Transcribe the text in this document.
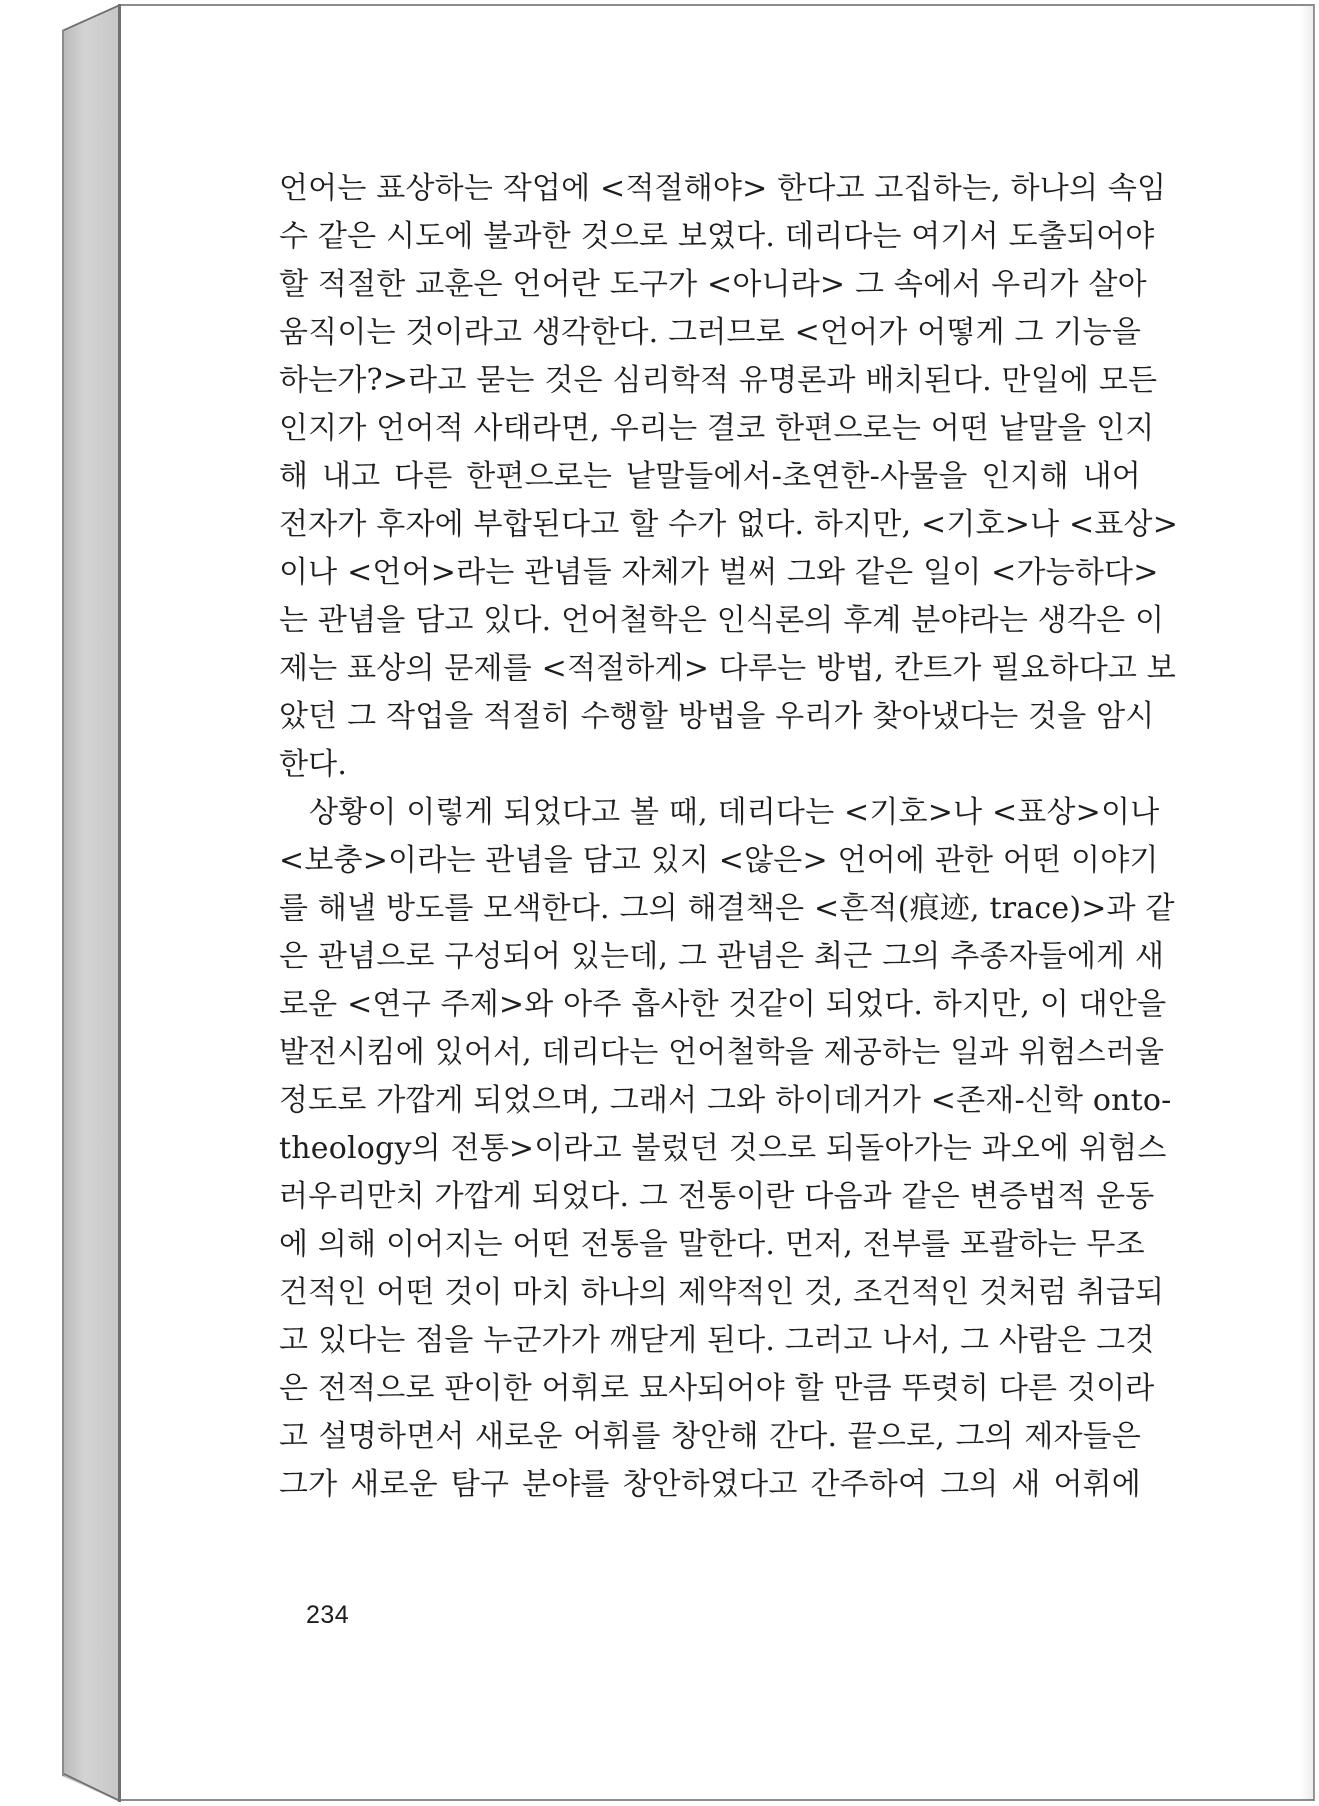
언어는 표상하는 작업에 <적절해야> 한다고 고집하는, 하나의 속임
수 같은 시도에 불과한 것으로 보였다. 데리다는 여기서 도출되어야
할 적절한 교훈은 언어란 도구가 <아니라> 그 속에서 우리가 살아
움직이는 것이라고 생각한다. 그러므로 <언어가 어떻게 그 기능을
하는가?>라고 묻는 것은 심리학적 유명론과 배치된다. 만일에 모든
인지가 언어적 사태라면, 우리는 결코 한편으로는 어떤 낱말을 인지
해 내고 다른 한편으로는 낱말들에서-초연한-사물을 인지해 내어
전자가 후자에 부합된다고 할 수가 없다. 하지만, <기호>나 <표상>
이나 <언어>라는 관념들 자체가 벌써 그와 같은 일이 <가능하다>
는 관념을 담고 있다. 언어철학은 인식론의 후계 분야라는 생각은 이
제는 표상의 문제를 <적절하게> 다루는 방법, 칸트가 필요하다고 보
았던 그 작업을 적절히 수행할 방법을 우리가 찾아냈다는 것을 암시
한다.
상황이 이렇게 되었다고 볼 때, 데리다는 <기호>나 <표상>이나
<보충>이라는 관념을 담고 있지 <않은> 언어에 관한 어떤 이야기
를 해낼 방도를 모색한다. 그의 해결책은 <흔적(痕迹, trace)>과 같
은 관념으로 구성되어 있는데, 그 관념은 최근 그의 추종자들에게 새
로운 <연구 주제>와 아주 흡사한 것같이 되었다. 하지만, 이 대안을
발전시킴에 있어서, 데리다는 언어철학을 제공하는 일과 위험스러울
정도로 가깝게 되었으며, 그래서 그와 하이데거가 <존재-신학 onto-
theology의 전통>이라고 불렀던 것으로 되돌아가는 과오에 위험스
러우리만치 가깝게 되었다. 그 전통이란 다음과 같은 변증법적 운동
에 의해 이어지는 어떤 전통을 말한다. 먼저, 전부를 포괄하는 무조
건적인 어떤 것이 마치 하나의 제약적인 것, 조건적인 것처럼 취급되
고 있다는 점을 누군가가 깨닫게 된다. 그러고 나서, 그 사람은 그것
은 전적으로 판이한 어휘로 묘사되어야 할 만큼 뚜렷히 다른 것이라
고 설명하면서 새로운 어휘를 창안해 간다. 끝으로, 그의 제자들은
그가 새로운 탐구 분야를 창안하였다고 간주하여 그의 새 어휘에
234
